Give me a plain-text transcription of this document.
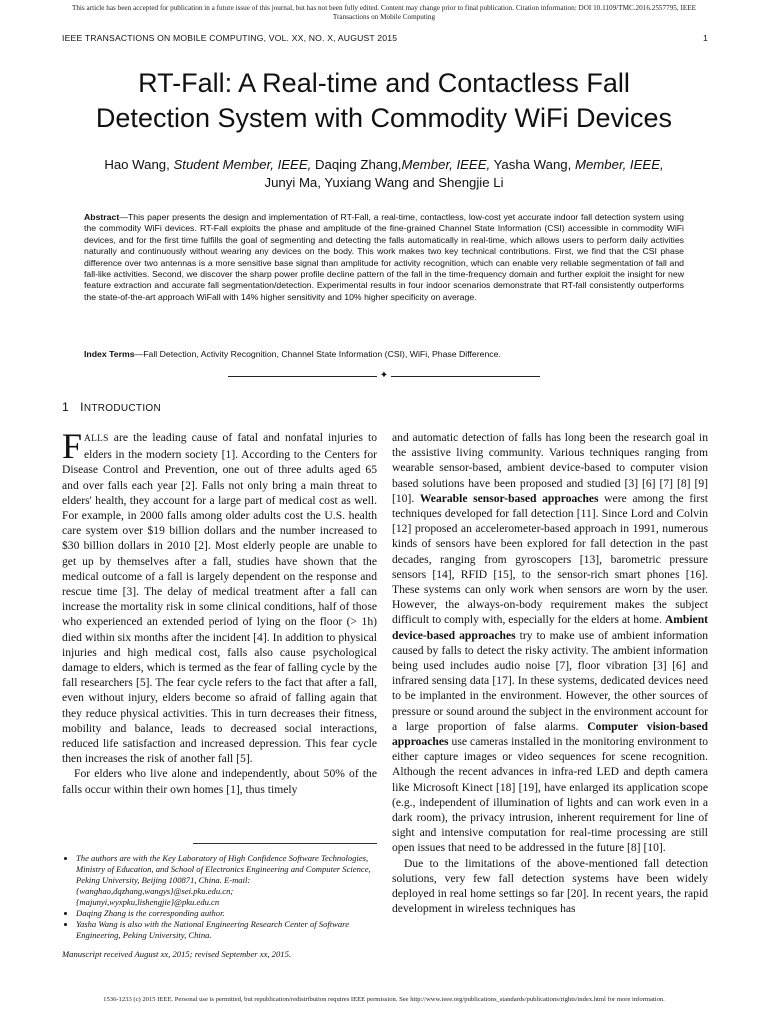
This article has been accepted for publication in a future issue of this journal, but has not been fully edited. Content may change prior to final publication. Citation information: DOI 10.1109/TMC.2016.2557795, IEEE
Transactions on Mobile Computing
IEEE TRANSACTIONS ON MOBILE COMPUTING, VOL. XX, NO. X, AUGUST 2015	1
RT-Fall: A Real-time and Contactless Fall
Detection System with Commodity WiFi Devices
Hao Wang, Student Member, IEEE, Daqing Zhang,Member, IEEE, Yasha Wang, Member, IEEE,
Junyi Ma, Yuxiang Wang and Shengjie Li
Abstract—This paper presents the design and implementation of RT-Fall, a real-time, contactless, low-cost yet accurate indoor fall detection system using the commodity WiFi devices. RT-Fall exploits the phase and amplitude of the fine-grained Channel State Information (CSI) accessible in commodity WiFi devices, and for the first time fulfills the goal of segmenting and detecting the falls automatically in real-time, which allows users to perform daily activities naturally and continuously without wearing any devices on the body. This work makes two key technical contributions. First, we find that the CSI phase difference over two antennas is a more sensitive base signal than amplitude for activity recognition, which can enable very reliable segmentation of fall and fall-like activities. Second, we discover the sharp power profile decline pattern of the fall in the time-frequency domain and further exploit the insight for new feature extraction and accurate fall segmentation/detection. Experimental results in four indoor scenarios demonstrate that RT-fall consistently outperforms the state-of-the-art approach WiFall with 14% higher sensitivity and 10% higher specificity on average.
Index Terms—Fall Detection, Activity Recognition, Channel State Information (CSI), WiFi, Phase Difference.
✦
1 INTRODUCTION

FALLS are the leading cause of fatal and nonfatal injuries to elders in the modern society [1]. According to the Centers for Disease Control and Prevention, one out of three adults aged 65 and over falls each year [2]. Falls not only bring a main threat to elders' health, they account for a large part of medical cost as well. For example, in 2000 falls among older adults cost the U.S. health care system over $19 billion dollars and the number increased to $30 billion dollars in 2010 [2]. Most elderly people are unable to get up by themselves after a fall, studies have shown that the medical outcome of a fall is largely dependent on the response and rescue time [3]. The delay of medical treatment after a fall can increase the mortality risk in some clinical conditions, half of those who experienced an extended period of lying on the floor (> 1h) died within six months after the incident [4]. In addition to physical injuries and high medical cost, falls also cause psychological damage to elders, which is termed as the fear of falling cycle by the fall researchers [5]. The fear cycle refers to the fact that after a fall, even without injury, elders become so afraid of falling again that they reduce physical activities. This in turn decreases their fitness, mobility and balance, leads to decreased social interactions, reduced life satisfaction and increased depression. This fear cycle then increases the risk of another fall [5].

For elders who live alone and independently, about 50% of the falls occur within their own homes [1], thus timely

and automatic detection of falls has long been the research goal in the assistive living community. Various techniques ranging from wearable sensor-based, ambient device-based to computer vision based solutions have been proposed and studied [3] [6] [7] [8] [9] [10]. Wearable sensor-based approaches were among the first techniques developed for fall detection [11]. Since Lord and Colvin [12] proposed an accelerometer-based approach in 1991, numerous kinds of sensors have been explored for fall detection in the past decades, ranging from gyroscopers [13], barometric pressure sensors [14], RFID [15], to the sensor-rich smart phones [16]. These systems can only work when sensors are worn by the user. However, the always-on-body requirement makes the subject difficult to comply with, especially for the elders at home. Ambient device-based approaches try to make use of ambient information caused by falls to detect the risky activity. The ambient information being used includes audio noise [7], floor vibration [3] [6] and infrared sensing data [17]. In these systems, dedicated devices need to be implanted in the environment. However, the other sources of pressure or sound around the subject in the environment account for a large proportion of false alarms. Computer vision-based approaches use cameras installed in the monitoring environment to either capture images or video sequences for scene recognition. Although the recent advances in infra-red LED and depth camera like Microsoft Kinect [18] [19], have enlarged its application scope (e.g., independent of illumination of lights and can work even in a dark room), the privacy intrusion, inherent requirement for line of sight and intensive computation for real-time processing are still open issues that need to be addressed in the future [8] [10].

Due to the limitations of the above-mentioned fall detection solutions, very few fall detection systems have been widely deployed in real home settings so far [20]. In recent years, the rapid development in wireless techniques has

• The authors are with the Key Laboratory of High Confidence Software Technologies, Ministry of Education, and School of Electronics Engineering and Computer Science, Peking University, Beijing 100871, China. E-mail:{wanghao,dqzhang,wangys}@sei.pku.edu.cn; {majunyi,wyxpku,lishengjie}@pku.edu.cn
• Daqing Zhang is the corresponding author.
• Yasha Wang is also with the National Engineering Research Center of Software Engineering, Peking University, China.
Manuscript received August xx, 2015; revised September xx, 2015.
1536-1233 (c) 2015 IEEE. Personal use is permitted, but republication/redistribution requires IEEE permission. See http://www.ieee.org/publications_standards/publications/rights/index.html for more information.
